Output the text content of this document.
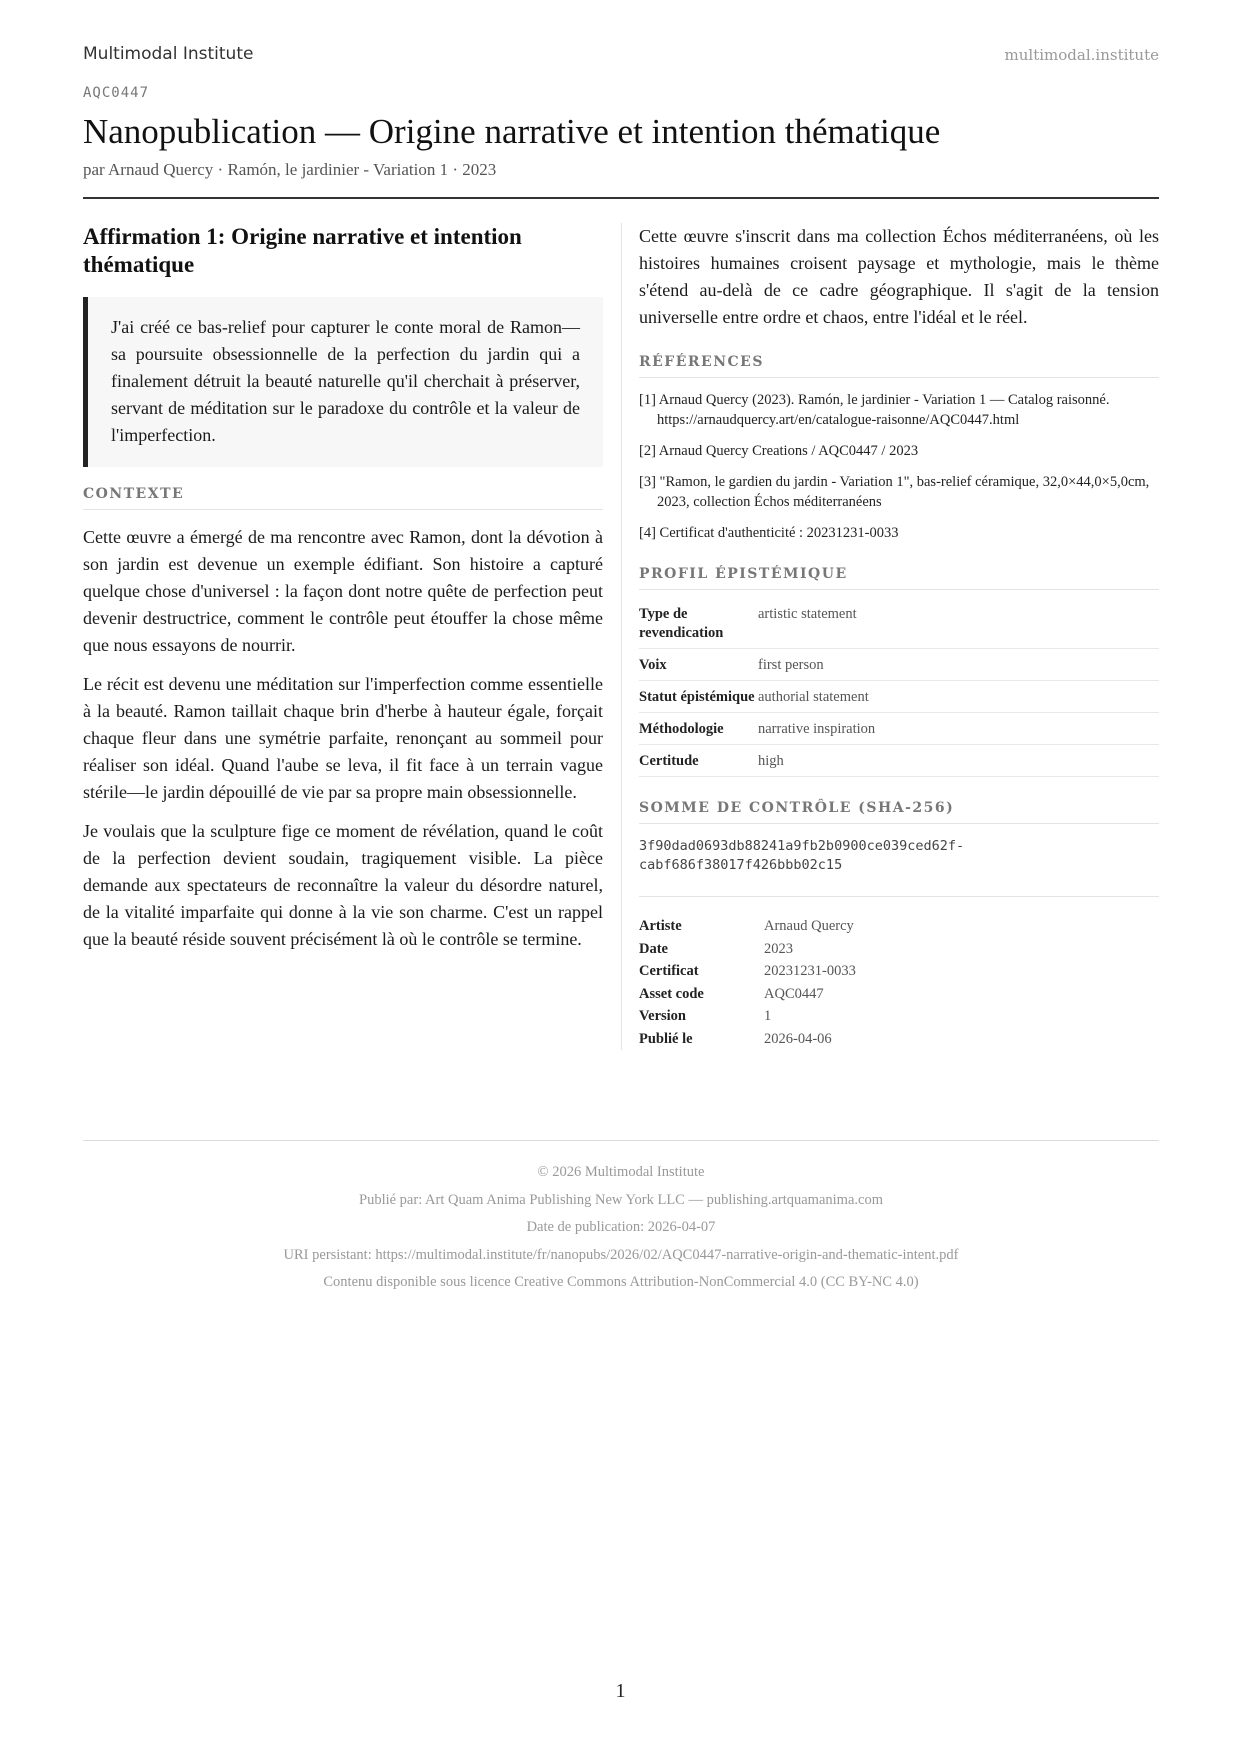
Multimodal Institute	multimodal.institute
AQC0447
Nanopublication — Origine narrative et intention thématique
par Arnaud Quercy · Ramón, le jardinier - Variation 1 · 2023
Affirmation 1: Origine narrative et intention thématique
J'ai créé ce bas-relief pour capturer le conte moral de Ramon—sa poursuite obsessionnelle de la perfection du jardin qui a finalement détruit la beauté naturelle qu'il cherchait à préserver, servant de méditation sur le paradoxe du contrôle et la valeur de l'imperfection.
CONTEXTE

Cette œuvre a émergé de ma rencontre avec Ramon, dont la dévotion à son jardin est devenue un exemple édifiant. Son histoire a capturé quelque chose d'universel : la façon dont notre quête de perfection peut devenir destructrice, comment le contrôle peut étouffer la chose même que nous essayons de nourrir.

Le récit est devenu une méditation sur l'imperfection comme essentielle à la beauté. Ramon taillait chaque brin d'herbe à hauteur égale, forçait chaque fleur dans une symétrie parfaite, renonçant au sommeil pour réaliser son idéal. Quand l'aube se leva, il fit face à un terrain vague stérile—le jardin dépouillé de vie par sa propre main obsessionnelle.

Je voulais que la sculpture fige ce moment de révélation, quand le coût de la perfection devient soudain, tragiquement visible. La pièce demande aux spectateurs de reconnaître la valeur du désordre naturel, de la vitalité imparfaite qui donne à la vie son charme. C'est un rappel que la beauté réside souvent précisément là où le contrôle se termine.

Cette œuvre s'inscrit dans ma collection Échos méditerranéens, où les histoires humaines croisent paysage et mythologie, mais le thème s'étend au-delà de ce cadre géographique. Il s'agit de la tension universelle entre ordre et chaos, entre l'idéal et le réel.

RÉFÉRENCES
[1] Arnaud Quercy (2023). Ramón, le jardinier - Variation 1 — Catalog raisonné. https://arnaudquercy.art/en/catalogue-raisonne/AQC0447.html
[2] Arnaud Quercy Creations / AQC0447 / 2023
[3] "Ramon, le gardien du jardin - Variation 1", bas-relief céramique, 32,0×44,0×5,0cm, 2023, collection Échos méditerranéens
[4] Certificat d'authenticité : 20231231-0033
PROFIL ÉPISTÉMIQUE
Type de revendication	artistic statement
Voix	first person
Statut épistémique	authorial statement
Méthodologie	narrative inspiration
Certitude	high
SOMME DE CONTRÔLE (SHA-256)
3f90dad0693db88241a9fb2b0900ce039ced62f-
cabf686f38017f426bbb02c15
Artiste	Arnaud Quercy
Date	2023
Certificat	20231231-0033
Asset code	AQC0447
Version	1
Publié le	2026-04-06
© 2026 Multimodal Institute
Publié par: Art Quam Anima Publishing New York LLC — publishing.artquamanima.com
Date de publication: 2026-04-07
URI persistant: https://multimodal.institute/fr/nanopubs/2026/02/AQC0447-narrative-origin-and-thematic-intent.pdf
Contenu disponible sous licence Creative Commons Attribution-NonCommercial 4.0 (CC BY-NC 4.0)
1
